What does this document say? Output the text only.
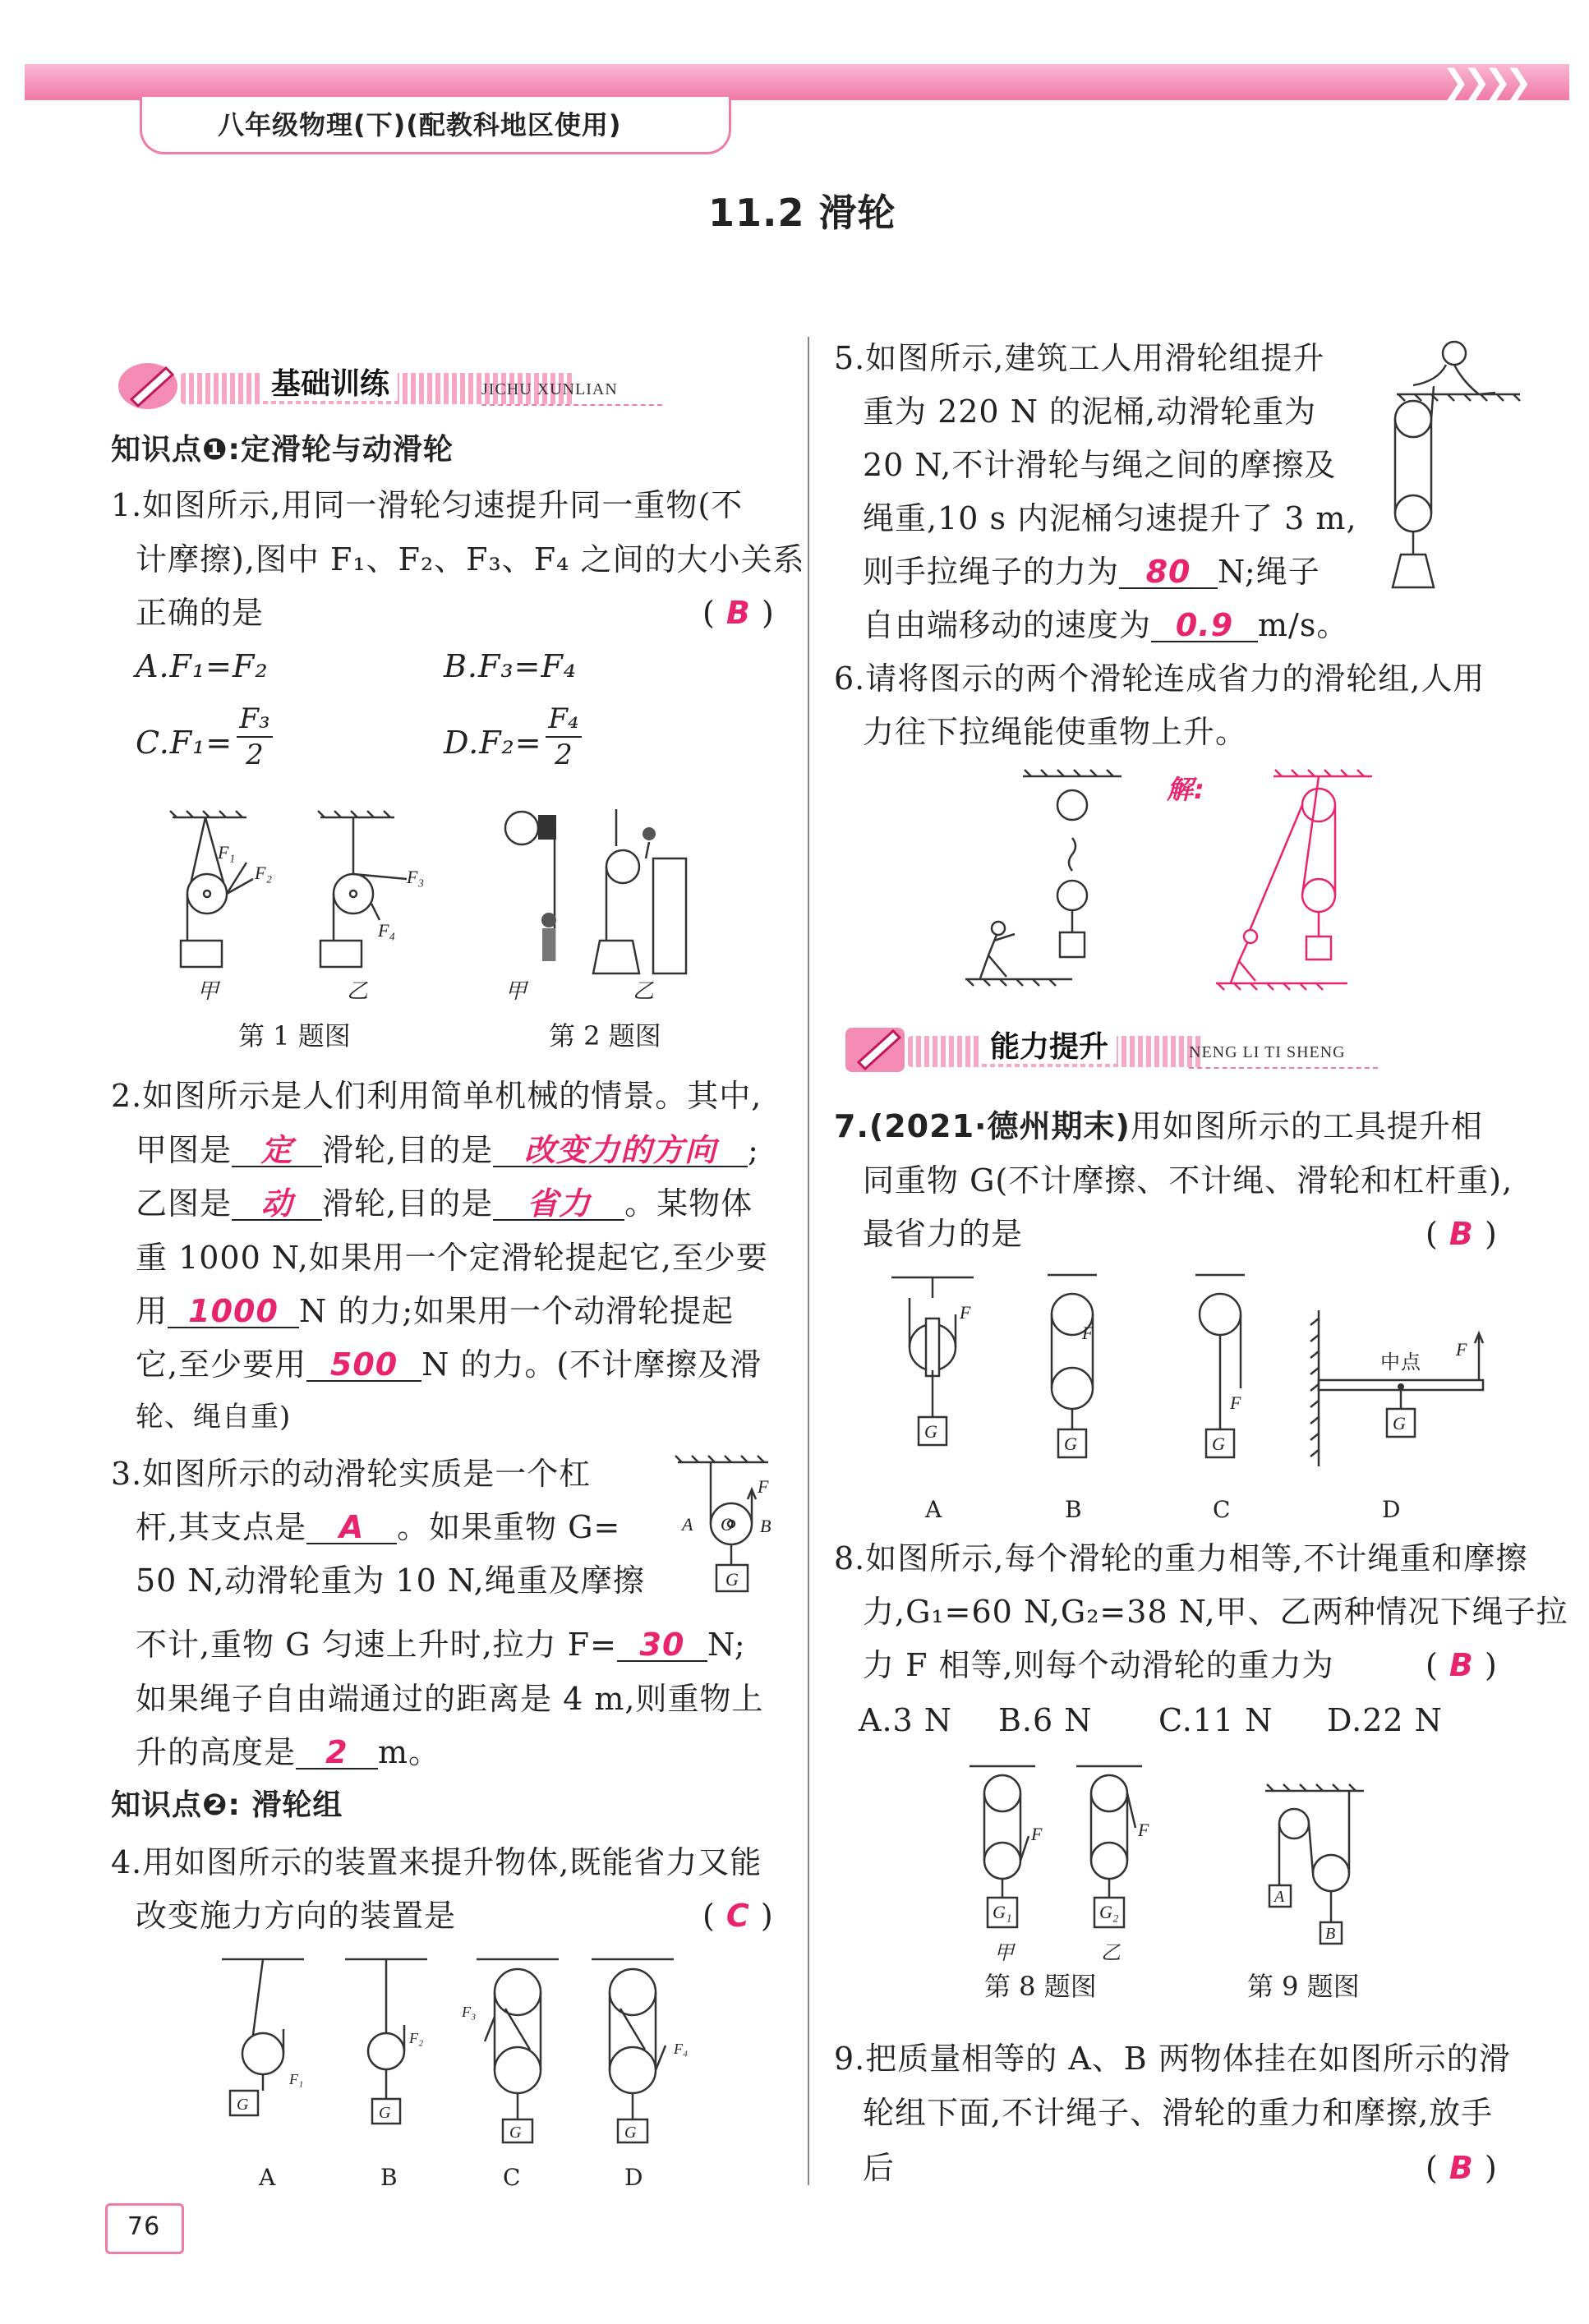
❯❯❯❯
八年级物理(下)(配教科地区使用)
11.2 滑轮
基础训练	JICHU XUNLIAN
知识点❶:定滑轮与动滑轮
1.如图所示,用同一滑轮匀速提升同一重物(不
计摩擦),图中 F₁、F₂、F₃、F₄ 之间的大小关系
正确的是	( B )
A.F₁=F₂	B.F₃=F₄
C.F₁=
F₃
2	D.F₂=
F₄
2
F₁
F₂	F₃
F₄
甲	乙	甲	乙
第 1 题图	第 2 题图
2.如图所示是人们利用简单机械的情景。其中,
甲图是 定 滑轮,目的是 改变力的方向 ;
乙图是 动 滑轮,目的是 省力 。某物体
重 1000 N,如果用一个定滑轮提起它,至少要
用 1000 N 的力;如果用一个动滑轮提起
它,至少要用 500 N 的力。(不计摩擦及滑
轮、绳自重)
3.如图所示的动滑轮实质是一个杠
杆,其支点是 A 。如果重物 G=
50 N,动滑轮重为 10 N,绳重及摩擦
F
A O B
G
不计,重物 G 匀速上升时,拉力 F= 30 N;
如果绳子自由端通过的距离是 4 m,则重物上
升的高度是 2 m。
知识点❷: 滑轮组
4.用如图所示的装置来提升物体,既能省力又能
改变施力方向的装置是	( C )
G
F₁
G
F₂
G
F₃
G
F₄
A	B	C	D
76
5.如图所示,建筑工人用滑轮组提升
重为 220 N 的泥桶,动滑轮重为
20 N,不计滑轮与绳之间的摩擦及
绳重,10 s 内泥桶匀速提升了 3 m,
则手拉绳子的力为 80 N;绳子
自由端移动的速度为 0.9 m/s。
6.请将图示的两个滑轮连成省力的滑轮组,人用
力往下拉绳能使重物上升。
解:
能力提升	NENG LI TI SHENG
7.(2021·德州期末)用如图所示的工具提升相
同重物 G(不计摩擦、不计绳、滑轮和杠杆重),
最省力的是	( B )
G
F
G
F
G
F
G
F
中点
A	B	C	D
8.如图所示,每个滑轮的重力相等,不计绳重和摩擦
力,G₁=60 N,G₂=38 N,甲、乙两种情况下绳子拉
力 F 相等,则每个动滑轮的重力为	( B )
A.3 N B.6 N C.11 N D.22 N
G₁
F
G₂
F
甲	乙
A
B
第 8 题图	第 9 题图
9.把质量相等的 A、B 两物体挂在如图所示的滑
轮组下面,不计绳子、滑轮的重力和摩擦,放手
后	( B )
